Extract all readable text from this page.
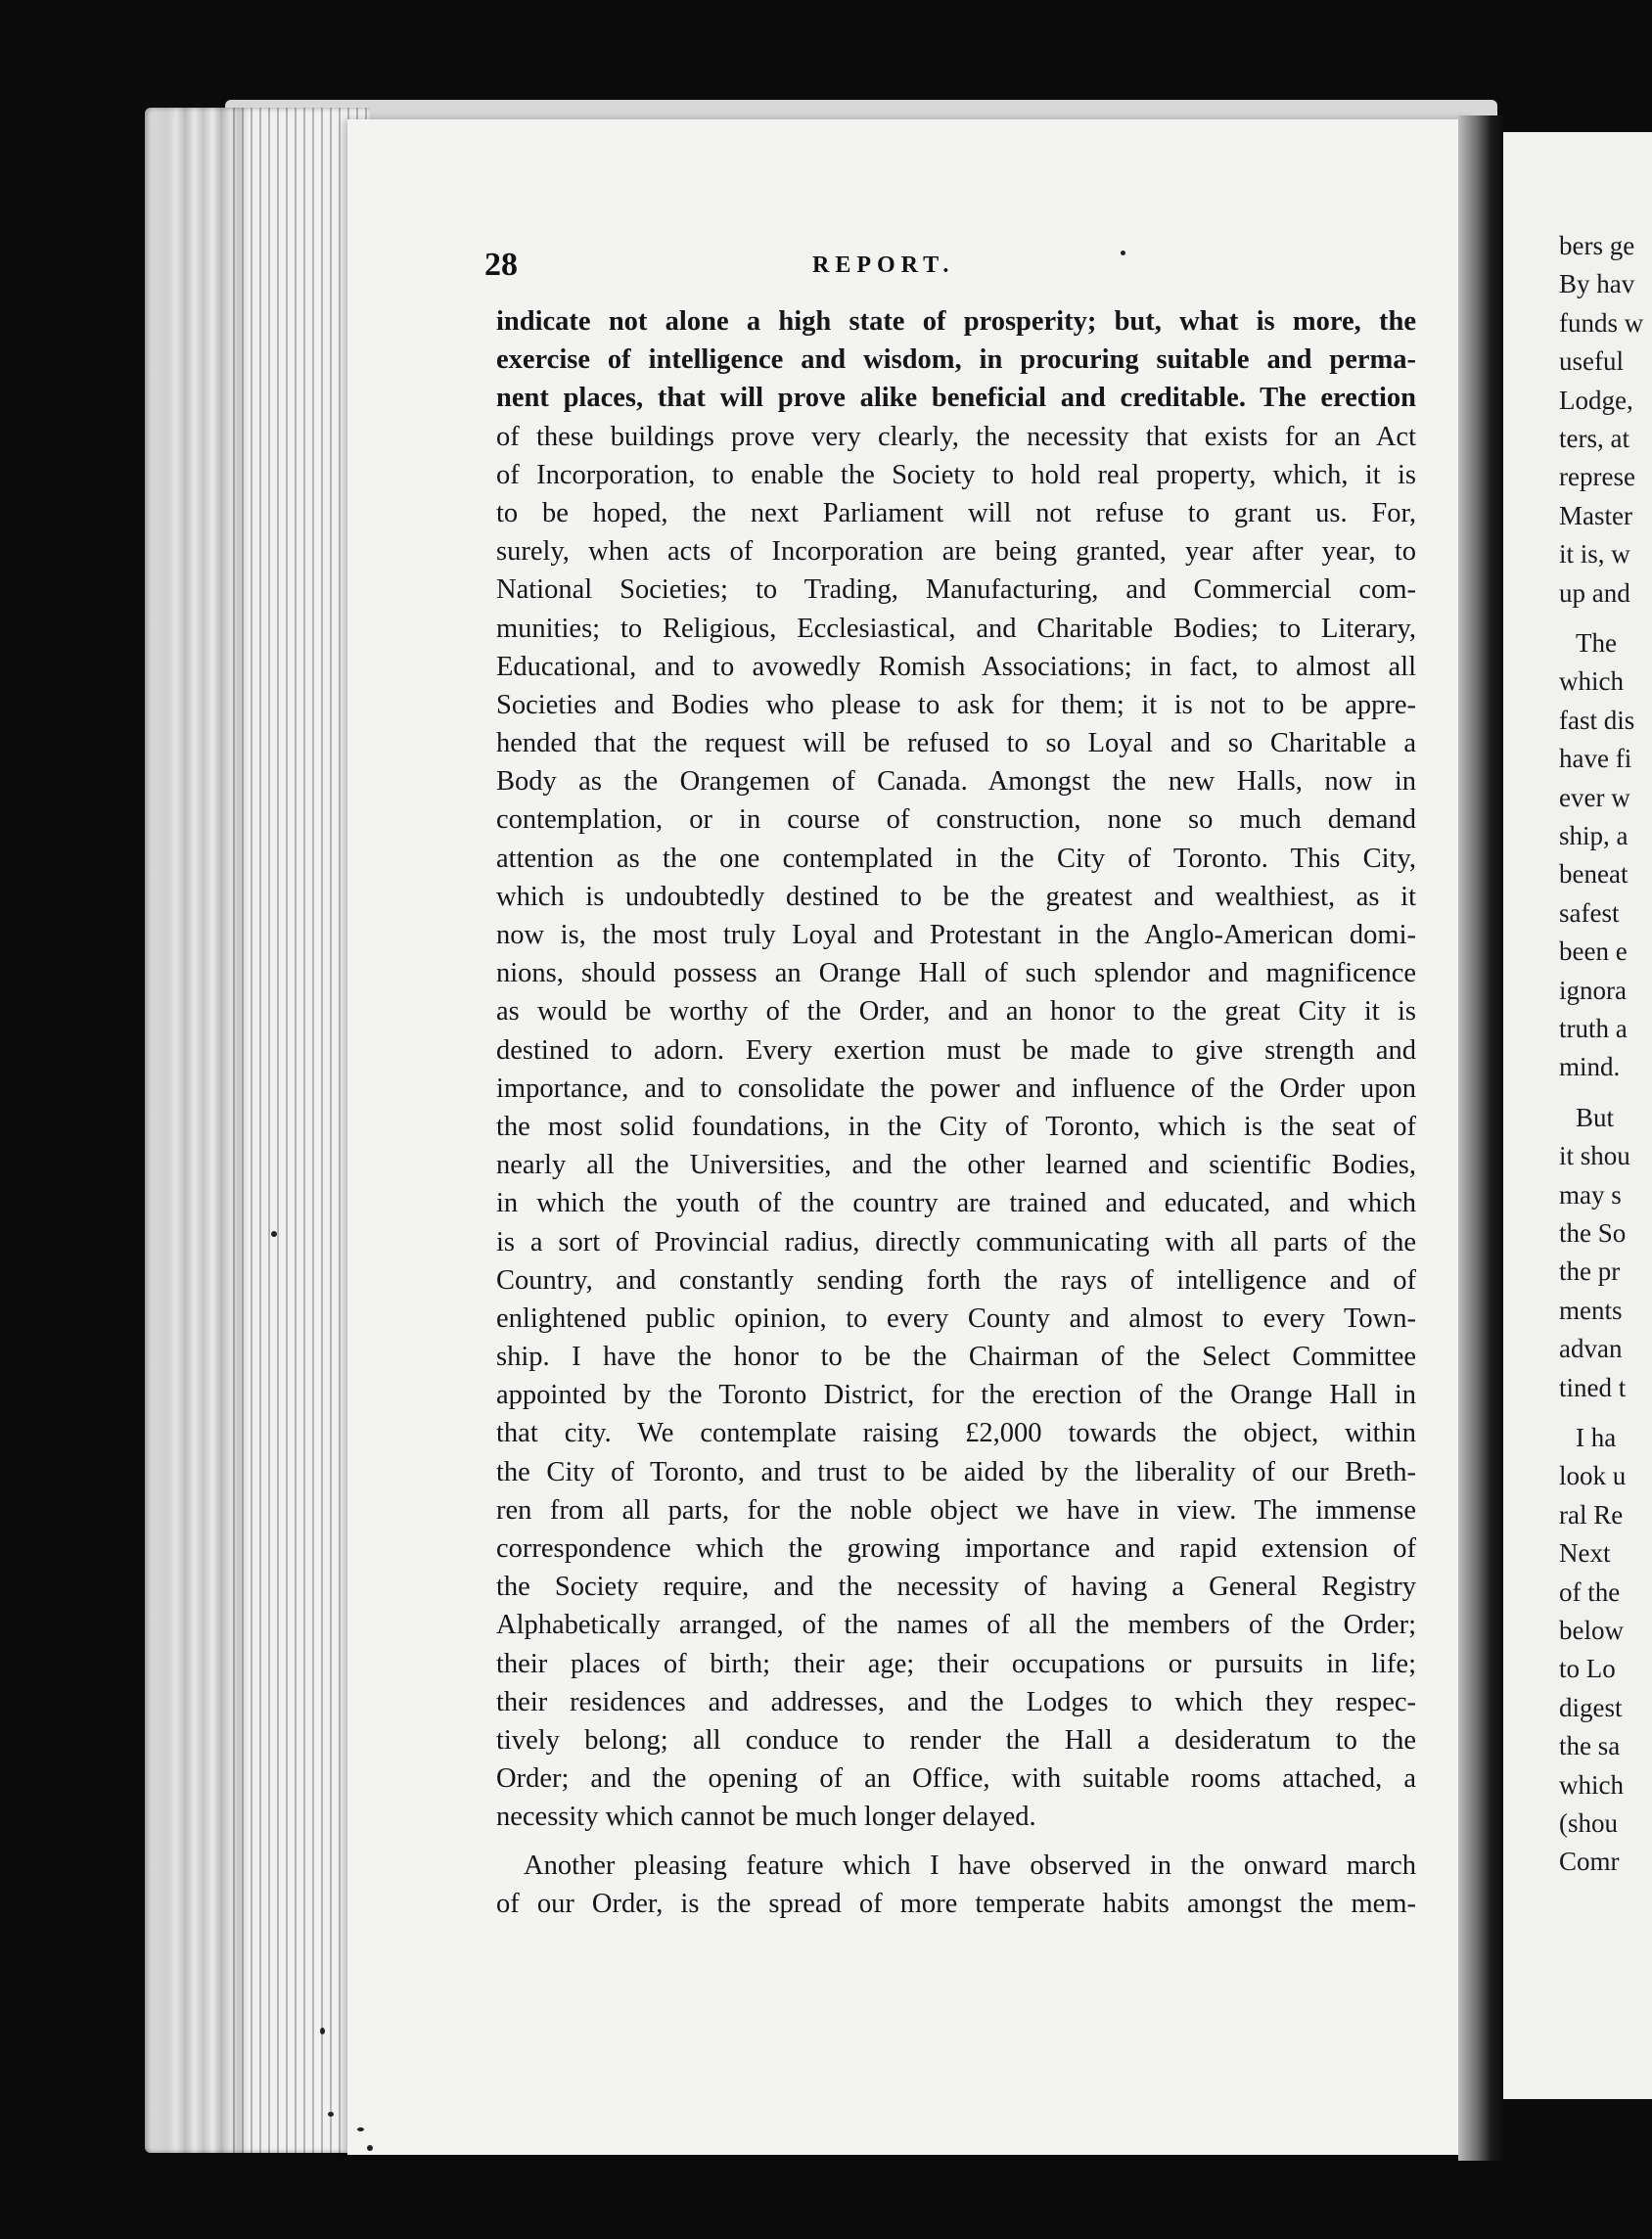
28	REPORT.
indicate not alone a high state of prosperity; but, what is more, the
exercise of intelligence and wisdom, in procuring suitable and perma-
nent places, that will prove alike beneficial and creditable. The erection
of these buildings prove very clearly, the necessity that exists for an Act
of Incorporation, to enable the Society to hold real property, which, it is
to be hoped, the next Parliament will not refuse to grant us. For,
surely, when acts of Incorporation are being granted, year after year, to
National Societies; to Trading, Manufacturing, and Commercial com-
munities; to Religious, Ecclesiastical, and Charitable Bodies; to Literary,
Educational, and to avowedly Romish Associations; in fact, to almost all
Societies and Bodies who please to ask for them; it is not to be appre-
hended that the request will be refused to so Loyal and so Charitable a
Body as the Orangemen of Canada. Amongst the new Halls, now in
contemplation, or in course of construction, none so much demand
attention as the one contemplated in the City of Toronto. This City,
which is undoubtedly destined to be the greatest and wealthiest, as it
now is, the most truly Loyal and Protestant in the Anglo-American domi-
nions, should possess an Orange Hall of such splendor and magnificence
as would be worthy of the Order, and an honor to the great City it is
destined to adorn. Every exertion must be made to give strength and
importance, and to consolidate the power and influence of the Order upon
the most solid foundations, in the City of Toronto, which is the seat of
nearly all the Universities, and the other learned and scientific Bodies,
in which the youth of the country are trained and educated, and which
is a sort of Provincial radius, directly communicating with all parts of the
Country, and constantly sending forth the rays of intelligence and of
enlightened public opinion, to every County and almost to every Town-
ship. I have the honor to be the Chairman of the Select Committee
appointed by the Toronto District, for the erection of the Orange Hall in
that city. We contemplate raising £2,000 towards the object, within
the City of Toronto, and trust to be aided by the liberality of our Breth-
ren from all parts, for the noble object we have in view. The immense
correspondence which the growing importance and rapid extension of
the Society require, and the necessity of having a General Registry
Alphabetically arranged, of the names of all the members of the Order;
their places of birth; their age; their occupations or pursuits in life;
their residences and addresses, and the Lodges to which they respec-
tively belong; all conduce to render the Hall a desideratum to the
Order; and the opening of an Office, with suitable rooms attached, a
necessity which cannot be much longer delayed.
Another pleasing feature which I have observed in the onward march
of our Order, is the spread of more temperate habits amongst the mem-
bers ge
By hav
funds w
useful
Lodge,
ters, at
represe
Master
it is, w
up and
The
which
fast dis
have fi
ever w
ship, a
beneat
safest
been e
ignora
truth a
mind.
But
it shou
may s
the So
the pr
ments
advan
tined t
I ha
look u
ral Re
Next
of the
below
to Lo
digest
the sa
which
(shou
Comr
